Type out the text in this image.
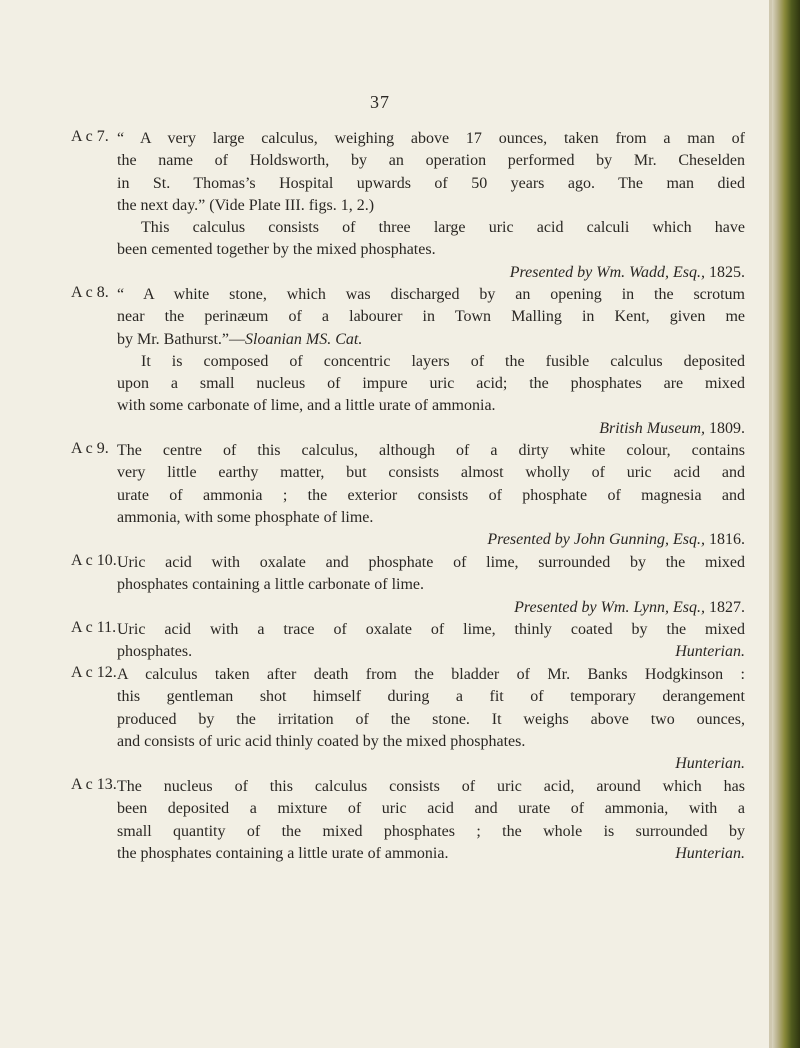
37
A c 7. “ A very large calculus, weighing above 17 ounces, taken from a man of
the name of Holdsworth, by an operation performed by Mr. Cheselden
in St. Thomas’s Hospital upwards of 50 years ago. The man died
the next day.” (Vide Plate III. figs. 1, 2.)
This calculus consists of three large uric acid calculi which have
been cemented together by the mixed phosphates.
Presented by Wm. Wadd, Esq., 1825.
A c 8. “ A white stone, which was discharged by an opening in the scrotum
near the perinæum of a labourer in Town Malling in Kent, given me
by Mr. Bathurst.”—Sloanian MS. Cat.
It is composed of concentric layers of the fusible calculus deposited
upon a small nucleus of impure uric acid; the phosphates are mixed
with some carbonate of lime, and a little urate of ammonia.
British Museum, 1809.
A c 9. The centre of this calculus, although of a dirty white colour, contains
very little earthy matter, but consists almost wholly of uric acid and
urate of ammonia ; the exterior consists of phosphate of magnesia and
ammonia, with some phosphate of lime.
Presented by John Gunning, Esq., 1816.
A c 10. Uric acid with oxalate and phosphate of lime, surrounded by the mixed
phosphates containing a little carbonate of lime.
Presented by Wm. Lynn, Esq., 1827.
A c 11. Uric acid with a trace of oxalate of lime, thinly coated by the mixed
phosphates.	Hunterian.
A c 12. A calculus taken after death from the bladder of Mr. Banks Hodgkinson :
this gentleman shot himself during a fit of temporary derangement
produced by the irritation of the stone. It weighs above two ounces,
and consists of uric acid thinly coated by the mixed phosphates.
Hunterian.
A c 13. The nucleus of this calculus consists of uric acid, around which has
been deposited a mixture of uric acid and urate of ammonia, with a
small quantity of the mixed phosphates ; the whole is surrounded by
the phosphates containing a little urate of ammonia.	Hunterian.
